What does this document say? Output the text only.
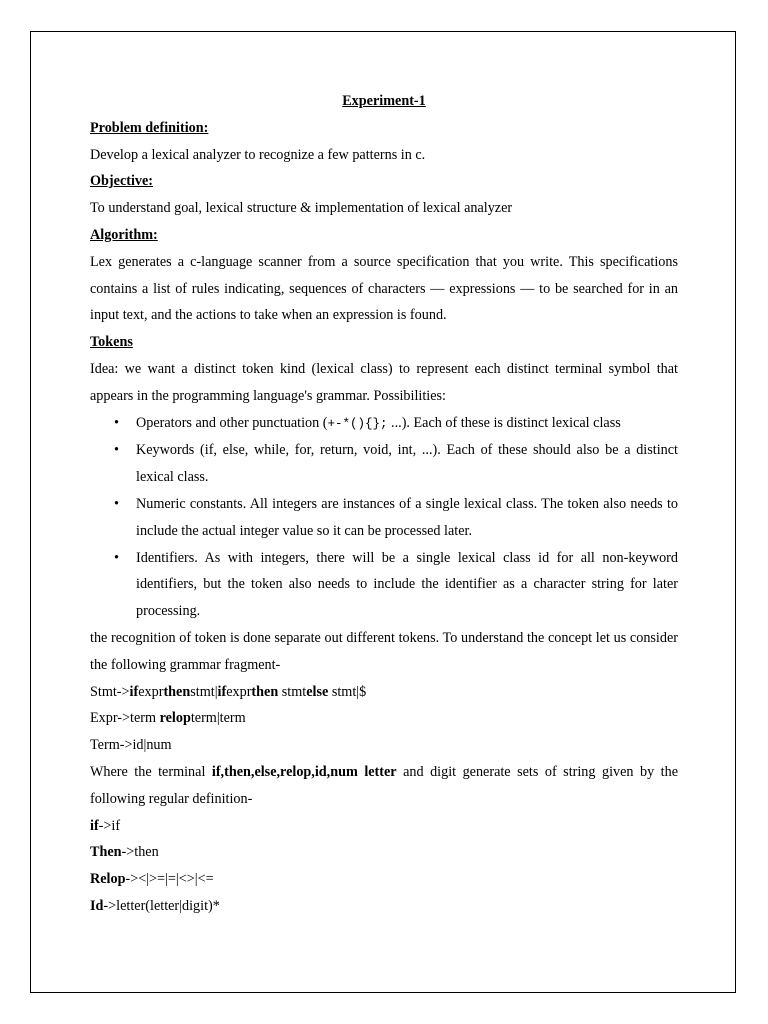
Experiment-1

Problem definition:

Develop a lexical analyzer to recognize a few patterns in c.

Objective:

To understand goal, lexical structure & implementation of lexical analyzer

Algorithm:

Lex generates a c-language scanner from a source specification that you write. This specifications contains a list of rules indicating, sequences of characters — expressions — to be searched for in an input text, and the actions to take when an expression is found.

Tokens

Idea: we want a distinct token kind (lexical class) to represent each distinct terminal symbol that appears in the programming language's grammar. Possibilities:

• Operators and other punctuation (+-*(){}; ...). Each of these is distinct lexical class
• Keywords (if, else, while, for, return, void, int, ...). Each of these should also be a distinct lexical class.
• Numeric constants. All integers are instances of a single lexical class. The token also needs to include the actual integer value so it can be processed later.
• Identifiers. As with integers, there will be a single lexical class id for all non-keyword identifiers, but the token also needs to include the identifier as a character string for later processing.

the recognition of token is done separate out different tokens. To understand the concept let us consider the following grammar fragment-

Stmt->ifexprthenstmt|ifexprthen stmtelse stmt|$

Expr->term relopterm|term

Term->id|num

Where the terminal if,then,else,relop,id,num letter and digit generate sets of string given by the following regular definition-

if->if

Then->then

Relop-><|>=|=|<>|<=

Id->letter(letter|digit)*
